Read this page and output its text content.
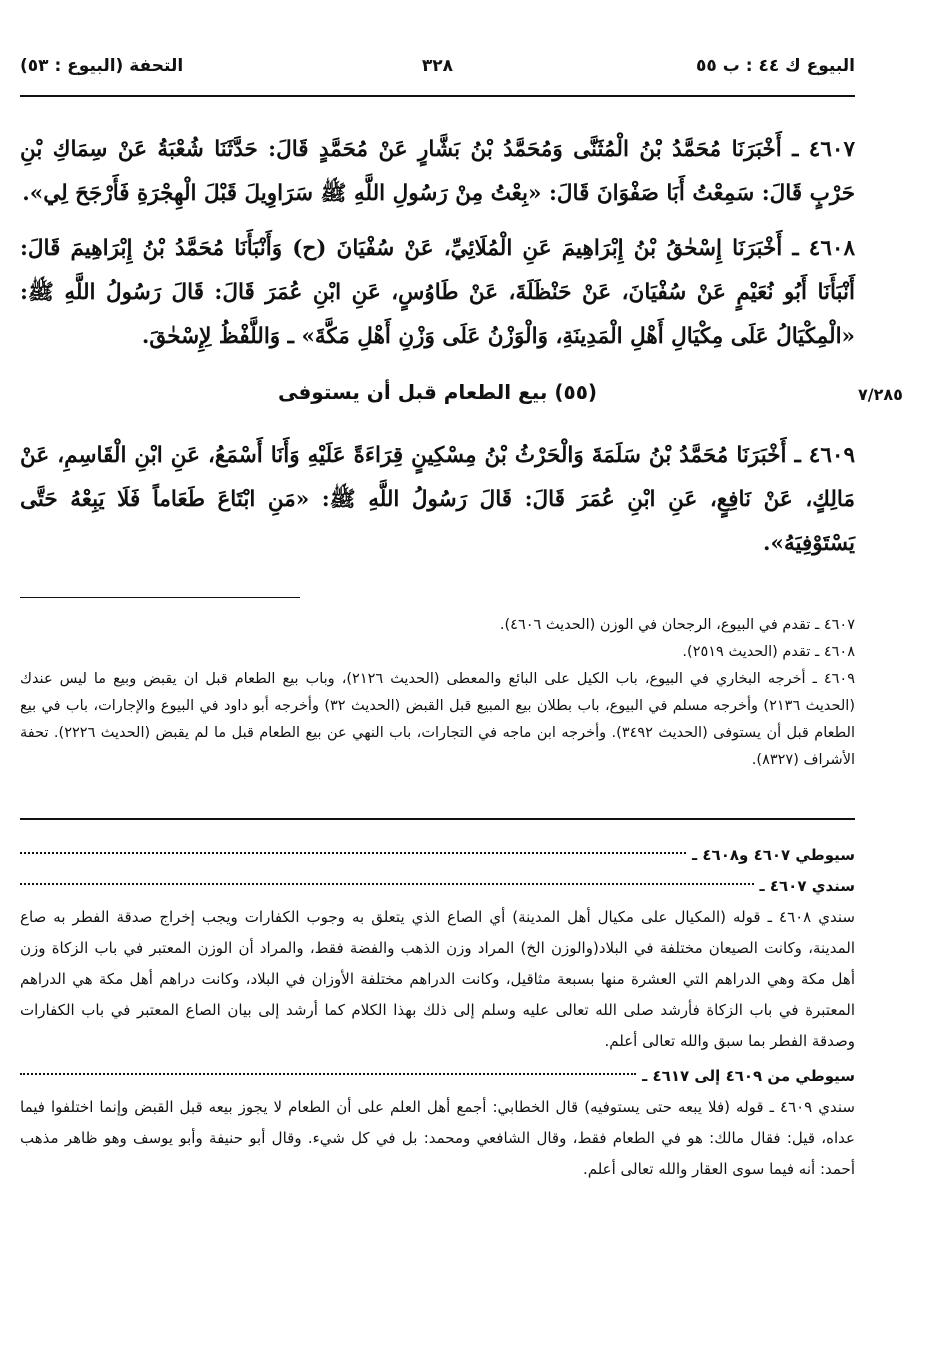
البيوع ك ٤٤ : ب ٥٥
٣٢٨
التحفة (البيوع : ٥٣)
٤٦٠٧ ـ أَخْبَرَنَا مُحَمَّدُ بْنُ الْمُثَنَّى وَمُحَمَّدُ بْنُ بَشَّارٍ عَنْ مُحَمَّدٍ قَالَ: حَدَّثَنَا شُعْبَةُ عَنْ سِمَاكِ بْنِ حَرْبٍ قَالَ: سَمِعْتُ أَبَا صَفْوَانَ قَالَ: «بِعْتُ مِنْ رَسُولِ اللَّهِ ﷺ سَرَاوِيلَ قَبْلَ الْهِجْرَةِ فَأَرْجَحَ لِي».
٤٦٠٨ ـ أَخْبَرَنَا إِسْحٰقُ بْنُ إِبْرَاهِيمَ عَنِ الْمُلَائِيِّ، عَنْ سُفْيَانَ (ح) وَأَنْبَأَنَا مُحَمَّدُ بْنُ إِبْرَاهِيمَ قَالَ: أَنْبَأَنَا أَبُو نُعَيْمٍ عَنْ سُفْيَانَ، عَنْ حَنْظَلَةَ، عَنْ طَاوُسٍ، عَنِ ابْنِ عُمَرَ قَالَ: قَالَ رَسُولُ اللَّهِ ﷺ: «الْمِكْيَالُ عَلَى مِكْيَالِ أَهْلِ الْمَدِينَةِ، وَالْوَزْنُ عَلَى وَزْنِ أَهْلِ مَكَّةَ» ـ وَاللَّفْظُ لِإِسْحٰقَ.
(٥٥) بيع الطعام قبل أن يستوفى
٤٦٠٩ ـ أَخْبَرَنَا مُحَمَّدُ بْنُ سَلَمَةَ وَالْحَرْثُ بْنُ مِسْكِينٍ قِرَاءَةً عَلَيْهِ وَأَنَا أَسْمَعُ، عَنِ ابْنِ الْقَاسِمِ، عَنْ مَالِكٍ، عَنْ نَافِعٍ، عَنِ ابْنِ عُمَرَ قَالَ: قَالَ رَسُولُ اللَّهِ ﷺ: «مَنِ ابْتَاعَ طَعَاماً فَلَا يَبِعْهُ حَتَّى يَسْتَوْفِيَهُ».

٤٦٠٧ ـ تقدم في البيوع، الرجحان في الوزن (الحديث ٤٦٠٦).

٤٦٠٨ ـ تقدم (الحديث ٢٥١٩).

٤٦٠٩ ـ أخرجه البخاري في البيوع، باب الكيل على البائع والمعطى (الحديث ٢١٢٦)، وباب بيع الطعام قبل ان يقبض وبيع ما ليس عندك (الحديث ٢١٣٦) وأخرجه مسلم في البيوع، باب بطلان بيع المبيع قبل القبض (الحديث ٣٢) وأخرجه أبو داود في البيوع والإجارات، باب في بيع الطعام قبل أن يستوفى (الحديث ٣٤٩٢). وأخرجه ابن ماجه في التجارات، باب النهي عن بيع الطعام قبل ما لم يقبض (الحديث ٢٢٢٦). تحفة الأشراف (٨٣٢٧).

سيوطي ٤٦٠٧ و٤٦٠٨ ـ
سندي ٤٦٠٧ ـ

سندي ٤٦٠٨ ـ قوله (المكيال على مكيال أهل المدينة) أي الصاع الذي يتعلق به وجوب الكفارات ويجب إخراج صدقة الفطر به صاع المدينة، وكانت الصيعان مختلفة في البلاد(والوزن الخ) المراد وزن الذهب والفضة فقط، والمراد أن الوزن المعتبر في باب الزكاة وزن أهل مكة وهي الدراهم التي العشرة منها بسبعة مثاقيل، وكانت الدراهم مختلفة الأوزان في البلاد، وكانت دراهم أهل مكة هي الدراهم المعتبرة في باب الزكاة فأرشد صلى الله تعالى عليه وسلم إلى ذلك بهذا الكلام كما أرشد إلى بيان الصاع المعتبر في باب الكفارات وصدقة الفطر بما سبق والله تعالى أعلم.

سيوطي من ٤٦٠٩ إلى ٤٦١٧ ـ

سندي ٤٦٠٩ ـ قوله (فلا يبعه حتى يستوفيه) قال الخطابي: أجمع أهل العلم على أن الطعام لا يجوز بيعه قبل القبض وإنما اختلفوا فيما عداه، قيل: فقال مالك: هو في الطعام فقط، وقال الشافعي ومحمد: بل في كل شيء. وقال أبو حنيفة وأبو يوسف وهو ظاهر مذهب أحمد: أنه فيما سوى العقار والله تعالى أعلم.

٧/٢٨٥
